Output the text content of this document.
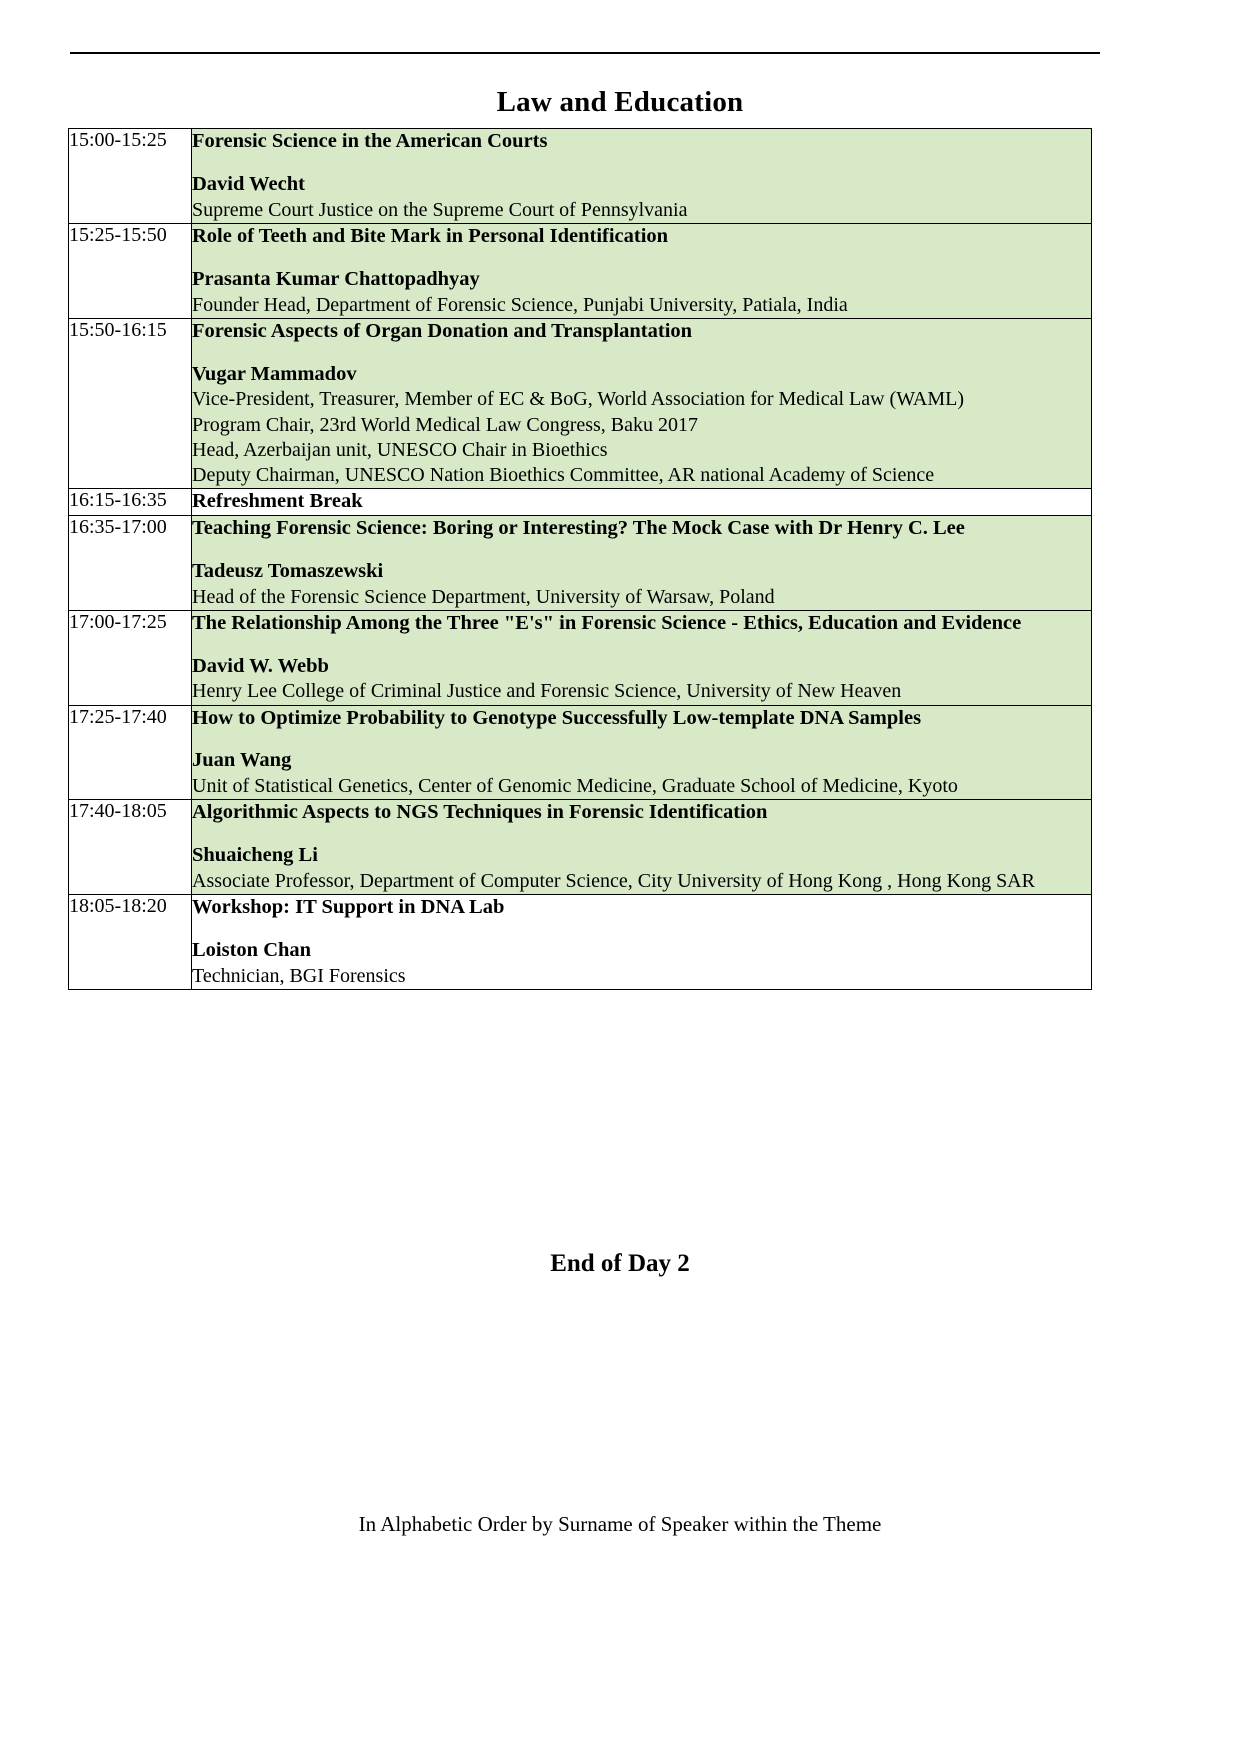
Law and Education
15:00-15:25	Forensic Science in the American Courts
David Wecht
Supreme Court Justice on the Supreme Court of Pennsylvania

15:25-15:50	Role of Teeth and Bite Mark in Personal Identification
Prasanta Kumar Chattopadhyay
Founder Head, Department of Forensic Science, Punjabi University, Patiala, India

15:50-16:15	Forensic Aspects of Organ Donation and Transplantation
Vugar Mammadov
Vice-President, Treasurer, Member of EC & BoG, World Association for Medical Law (WAML)
Program Chair, 23rd World Medical Law Congress, Baku 2017
Head, Azerbaijan unit, UNESCO Chair in Bioethics
Deputy Chairman, UNESCO Nation Bioethics Committee, AR national Academy of Science

16:15-16:35	Refreshment Break

16:35-17:00	Teaching Forensic Science: Boring or Interesting? The Mock Case with Dr Henry C. Lee
Tadeusz Tomaszewski
Head of the Forensic Science Department, University of Warsaw, Poland

17:00-17:25	The Relationship Among the Three "E's" in Forensic Science - Ethics, Education and Evidence
David W. Webb
Henry Lee College of Criminal Justice and Forensic Science, University of New Heaven

17:25-17:40	How to Optimize Probability to Genotype Successfully Low-template DNA Samples
Juan Wang
Unit of Statistical Genetics, Center of Genomic Medicine, Graduate School of Medicine, Kyoto

17:40-18:05	Algorithmic Aspects to NGS Techniques in Forensic Identification
Shuaicheng Li
Associate Professor, Department of Computer Science, City University of Hong Kong , Hong Kong SAR

18:05-18:20	Workshop: IT Support in DNA Lab
Loiston Chan
Technician, BGI Forensics
End of Day 2
In Alphabetic Order by Surname of Speaker within the Theme
